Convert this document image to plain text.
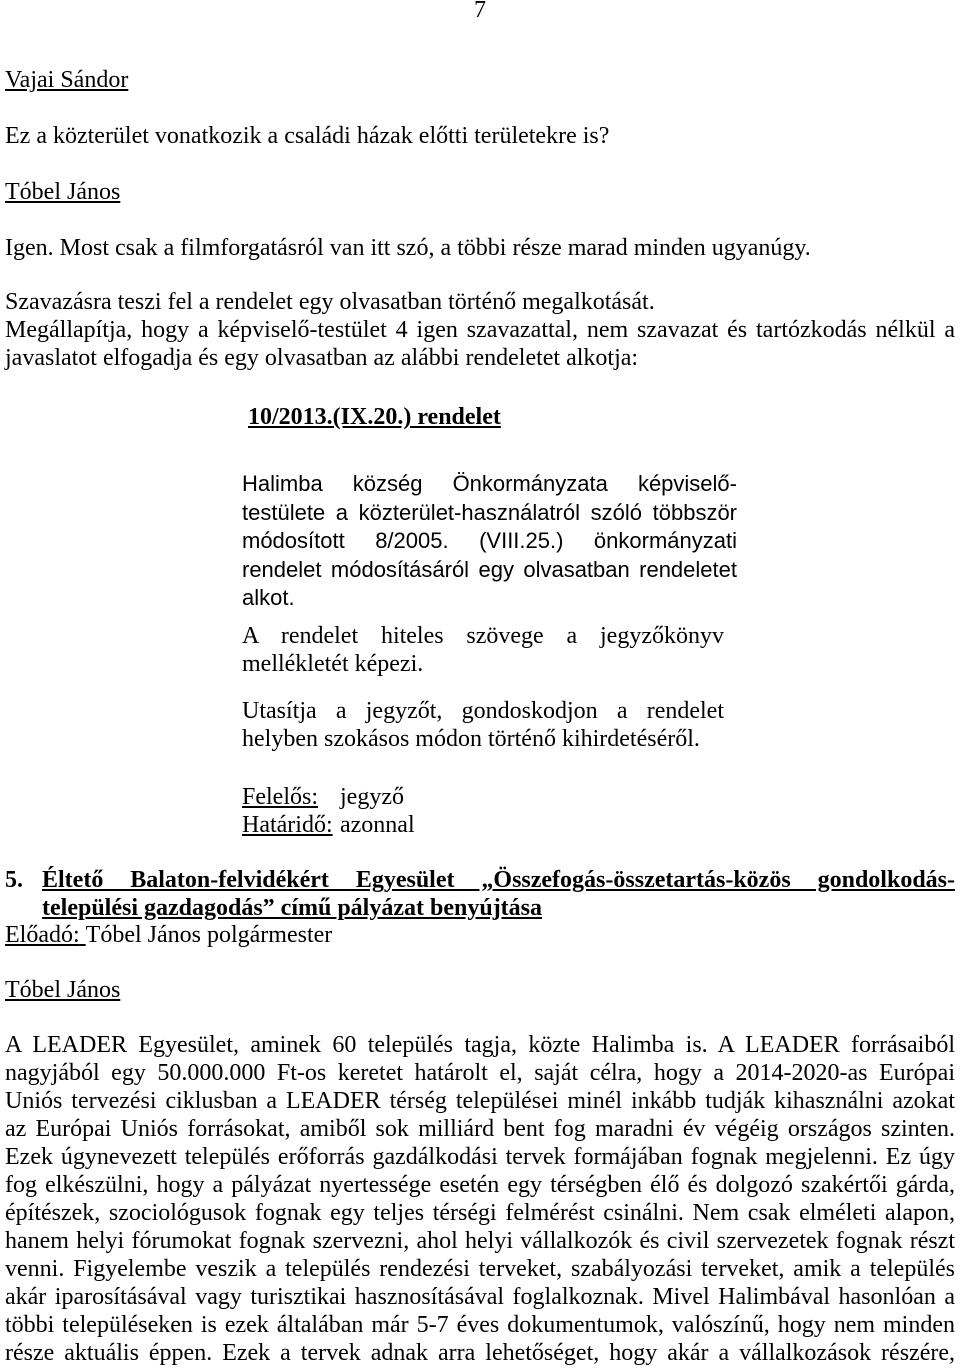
7
Vajai Sándor
Ez a közterület vonatkozik a családi házak előtti területekre is?
Tóbel János
Igen. Most csak a filmforgatásról van itt szó, a többi része marad minden ugyanúgy.
Szavazásra teszi fel a rendelet egy olvasatban történő megalkotását.
Megállapítja, hogy a képviselő-testület 4 igen szavazattal, nem szavazat és tartózkodás nélkül a
javaslatot elfogadja és egy olvasatban az alábbi rendeletet alkotja:
10/2013.(IX.20.) rendelet
Halimba község Önkormányzata képviselő-
testülete a közterület-használatról szóló többször
módosított 8/2005. (VIII.25.) önkormányzati
rendelet módosításáról egy olvasatban rendeletet
alkot.
A rendelet hiteles szövege a jegyzőkönyv
mellékletét képezi.
Utasítja a jegyzőt, gondoskodjon a rendelet
helyben szokásos módon történő kihirdetéséről.
Felelős: jegyző
Határidő: azonnal
5. Éltető Balaton-felvidékért Egyesület „Összefogás-összetartás-közös gondolkodás-
települési gazdagodás” című pályázat benyújtása
Előadó: Tóbel János polgármester
Tóbel János
A LEADER Egyesület, aminek 60 település tagja, közte Halimba is. A LEADER forrásaiból
nagyjából egy 50.000.000 Ft-os keretet határolt el, saját célra, hogy a 2014-2020-as Európai
Uniós tervezési ciklusban a LEADER térség települései minél inkább tudják kihasználni azokat
az Európai Uniós forrásokat, amiből sok milliárd bent fog maradni év végéig országos szinten.
Ezek úgynevezett település erőforrás gazdálkodási tervek formájában fognak megjelenni. Ez úgy
fog elkészülni, hogy a pályázat nyertessége esetén egy térségben élő és dolgozó szakértői gárda,
építészek, szociológusok fognak egy teljes térségi felmérést csinálni. Nem csak elméleti alapon,
hanem helyi fórumokat fognak szervezni, ahol helyi vállalkozók és civil szervezetek fognak részt
venni. Figyelembe veszik a település rendezési terveket, szabályozási terveket, amik a település
akár iparosításával vagy turisztikai hasznosításával foglalkoznak. Mivel Halimbával hasonlóan a
többi településeken is ezek általában már 5-7 éves dokumentumok, valószínű, hogy nem minden
része aktuális éppen. Ezek a tervek adnak arra lehetőséget, hogy akár a vállalkozások részére,
